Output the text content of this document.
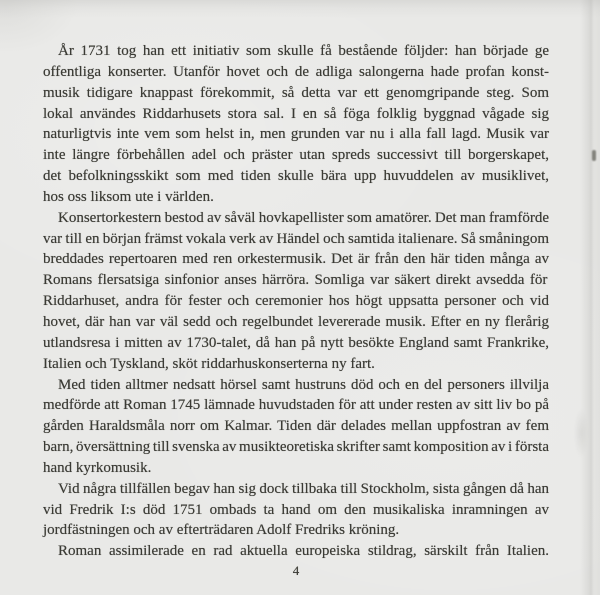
År 1731 tog han ett initiativ som skulle få bestående följder: han började ge
offentliga konserter. Utanför hovet och de adliga salongerna hade profan konst-
musik tidigare knappast förekommit, så detta var ett genomgripande steg. Som
lokal användes Riddarhusets stora sal. I en så föga folklig byggnad vågade sig
naturligtvis inte vem som helst in, men grunden var nu i alla fall lagd. Musik var
inte längre förbehållen adel och präster utan spreds successivt till borgerskapet,
det befolkningsskikt som med tiden skulle bära upp huvuddelen av musiklivet,
hos oss liksom ute i världen.
Konsertorkestern bestod av såväl hovkapellister som amatörer. Det man framförde
var till en början främst vokala verk av Händel och samtida italienare. Så småningom
breddades repertoaren med ren orkestermusik. Det är från den här tiden många av
Romans flersatsiga sinfonior anses härröra. Somliga var säkert direkt avsedda för
Riddarhuset, andra för fester och ceremonier hos högt uppsatta personer och vid
hovet, där han var väl sedd och regelbundet levererade musik. Efter en ny flerårig
utlandsresa i mitten av 1730-talet, då han på nytt besökte England samt Frankrike,
Italien och Tyskland, sköt riddarhuskonserterna ny fart.
Med tiden alltmer nedsatt hörsel samt hustruns död och en del personers illvilja
medförde att Roman 1745 lämnade huvudstaden för att under resten av sitt liv bo på
gården Haraldsmåla norr om Kalmar. Tiden där delades mellan uppfostran av fem
barn, översättning till svenska av musikteoretiska skrifter samt komposition av i första
hand kyrkomusik.
Vid några tillfällen begav han sig dock tillbaka till Stockholm, sista gången då han
vid Fredrik I:s död 1751 ombads ta hand om den musikaliska inramningen av
jordfästningen och av efterträdaren Adolf Fredriks kröning.
Roman assimilerade en rad aktuella europeiska stildrag, särskilt från Italien.
4
